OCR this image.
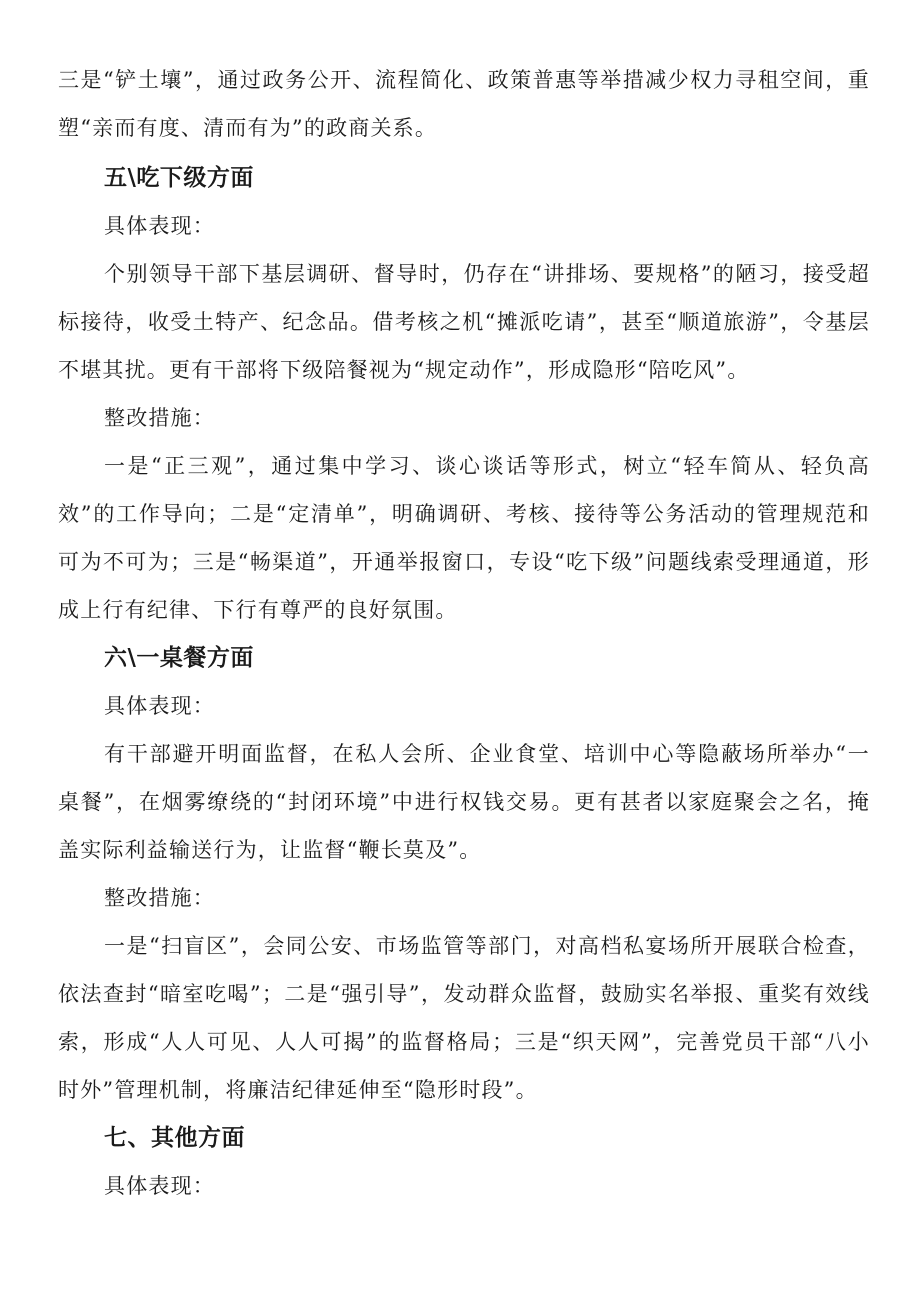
三是“铲土壤”，通过政务公开、流程简化、政策普惠等举措减少权力寻租空间，重塑“亲而有度、清而有为”的政商关系。

五\吃下级方面

具体表现：

个别领导干部下基层调研、督导时，仍存在“讲排场、要规格”的陋习，接受超标接待，收受土特产、纪念品。借考核之机“摊派吃请”，甚至“顺道旅游”，令基层不堪其扰。更有干部将下级陪餐视为“规定动作”，形成隐形“陪吃风”。

整改措施：

一是“正三观”，通过集中学习、谈心谈话等形式，树立“轻车简从、轻负高效”的工作导向；二是“定清单”，明确调研、考核、接待等公务活动的管理规范和可为不可为；三是“畅渠道”，开通举报窗口，专设“吃下级”问题线索受理通道，形成上行有纪律、下行有尊严的良好氛围。

六\一桌餐方面

具体表现：

有干部避开明面监督，在私人会所、企业食堂、培训中心等隐蔽场所举办“一桌餐”，在烟雾缭绕的“封闭环境”中进行权钱交易。更有甚者以家庭聚会之名，掩盖实际利益输送行为，让监督“鞭长莫及”。

整改措施：

一是“扫盲区”，会同公安、市场监管等部门，对高档私宴场所开展联合检查，依法查封“暗室吃喝”；二是“强引导”，发动群众监督，鼓励实名举报、重奖有效线索，形成“人人可见、人人可揭”的监督格局；三是“织天网”，完善党员干部“八小时外”管理机制，将廉洁纪律延伸至“隐形时段”。

七、其他方面

具体表现：
